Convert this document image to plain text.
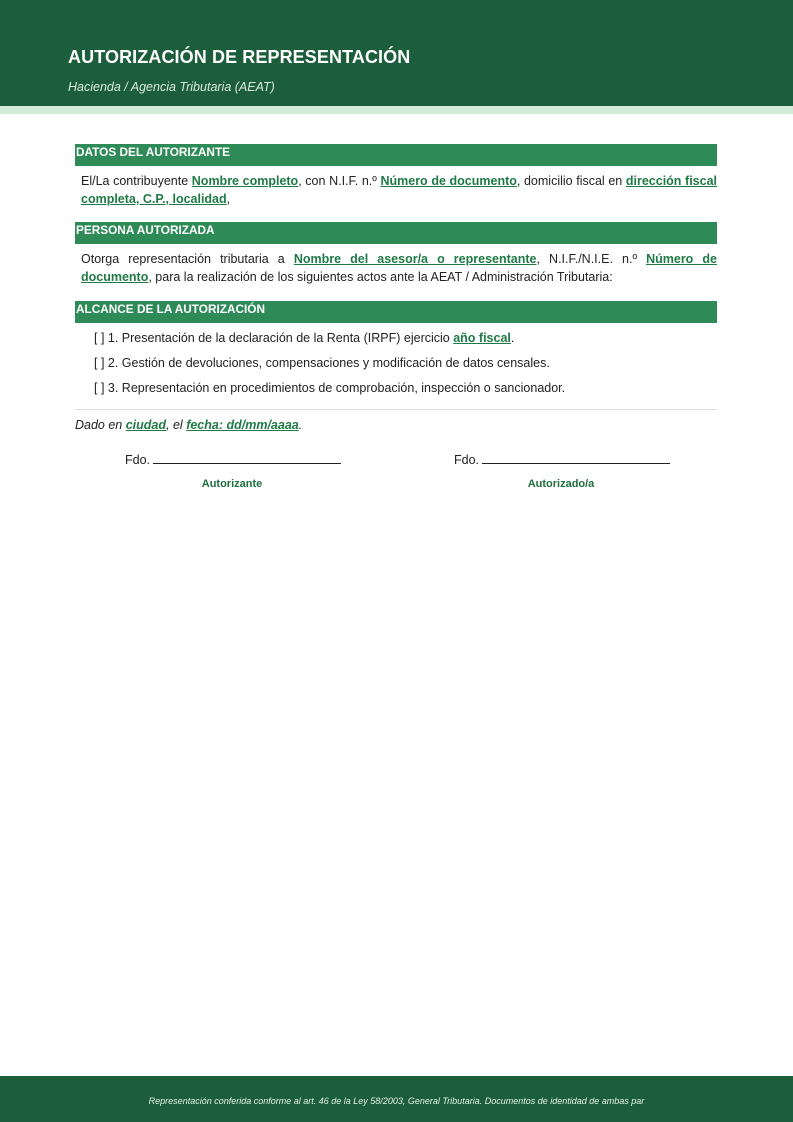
AUTORIZACIÓN DE REPRESENTACIÓN
Hacienda / Agencia Tributaria (AEAT)
DATOS DEL AUTORIZANTE
El/La contribuyente Nombre completo, con N.I.F. n.º Número de documento, domicilio fiscal en dirección fiscal completa, C.P., localidad,
PERSONA AUTORIZADA
Otorga representación tributaria a Nombre del asesor/a o representante, N.I.F./N.I.E. n.º Número de documento, para la realización de los siguientes actos ante la AEAT / Administración Tributaria:
ALCANCE DE LA AUTORIZACIÓN
[ ] 1. Presentación de la declaración de la Renta (IRPF) ejercicio año fiscal.
[ ] 2. Gestión de devoluciones, compensaciones y modificación de datos censales.
[ ] 3. Representación en procedimientos de comprobación, inspección o sancionador.
Dado en ciudad, el fecha: dd/mm/aaaa.
Fdo.
Autorizante
Fdo.
Autorizado/a
Representación conferida conforme al art. 46 de la Ley 58/2003, General Tributaria. Documentos de identidad de ambas par
